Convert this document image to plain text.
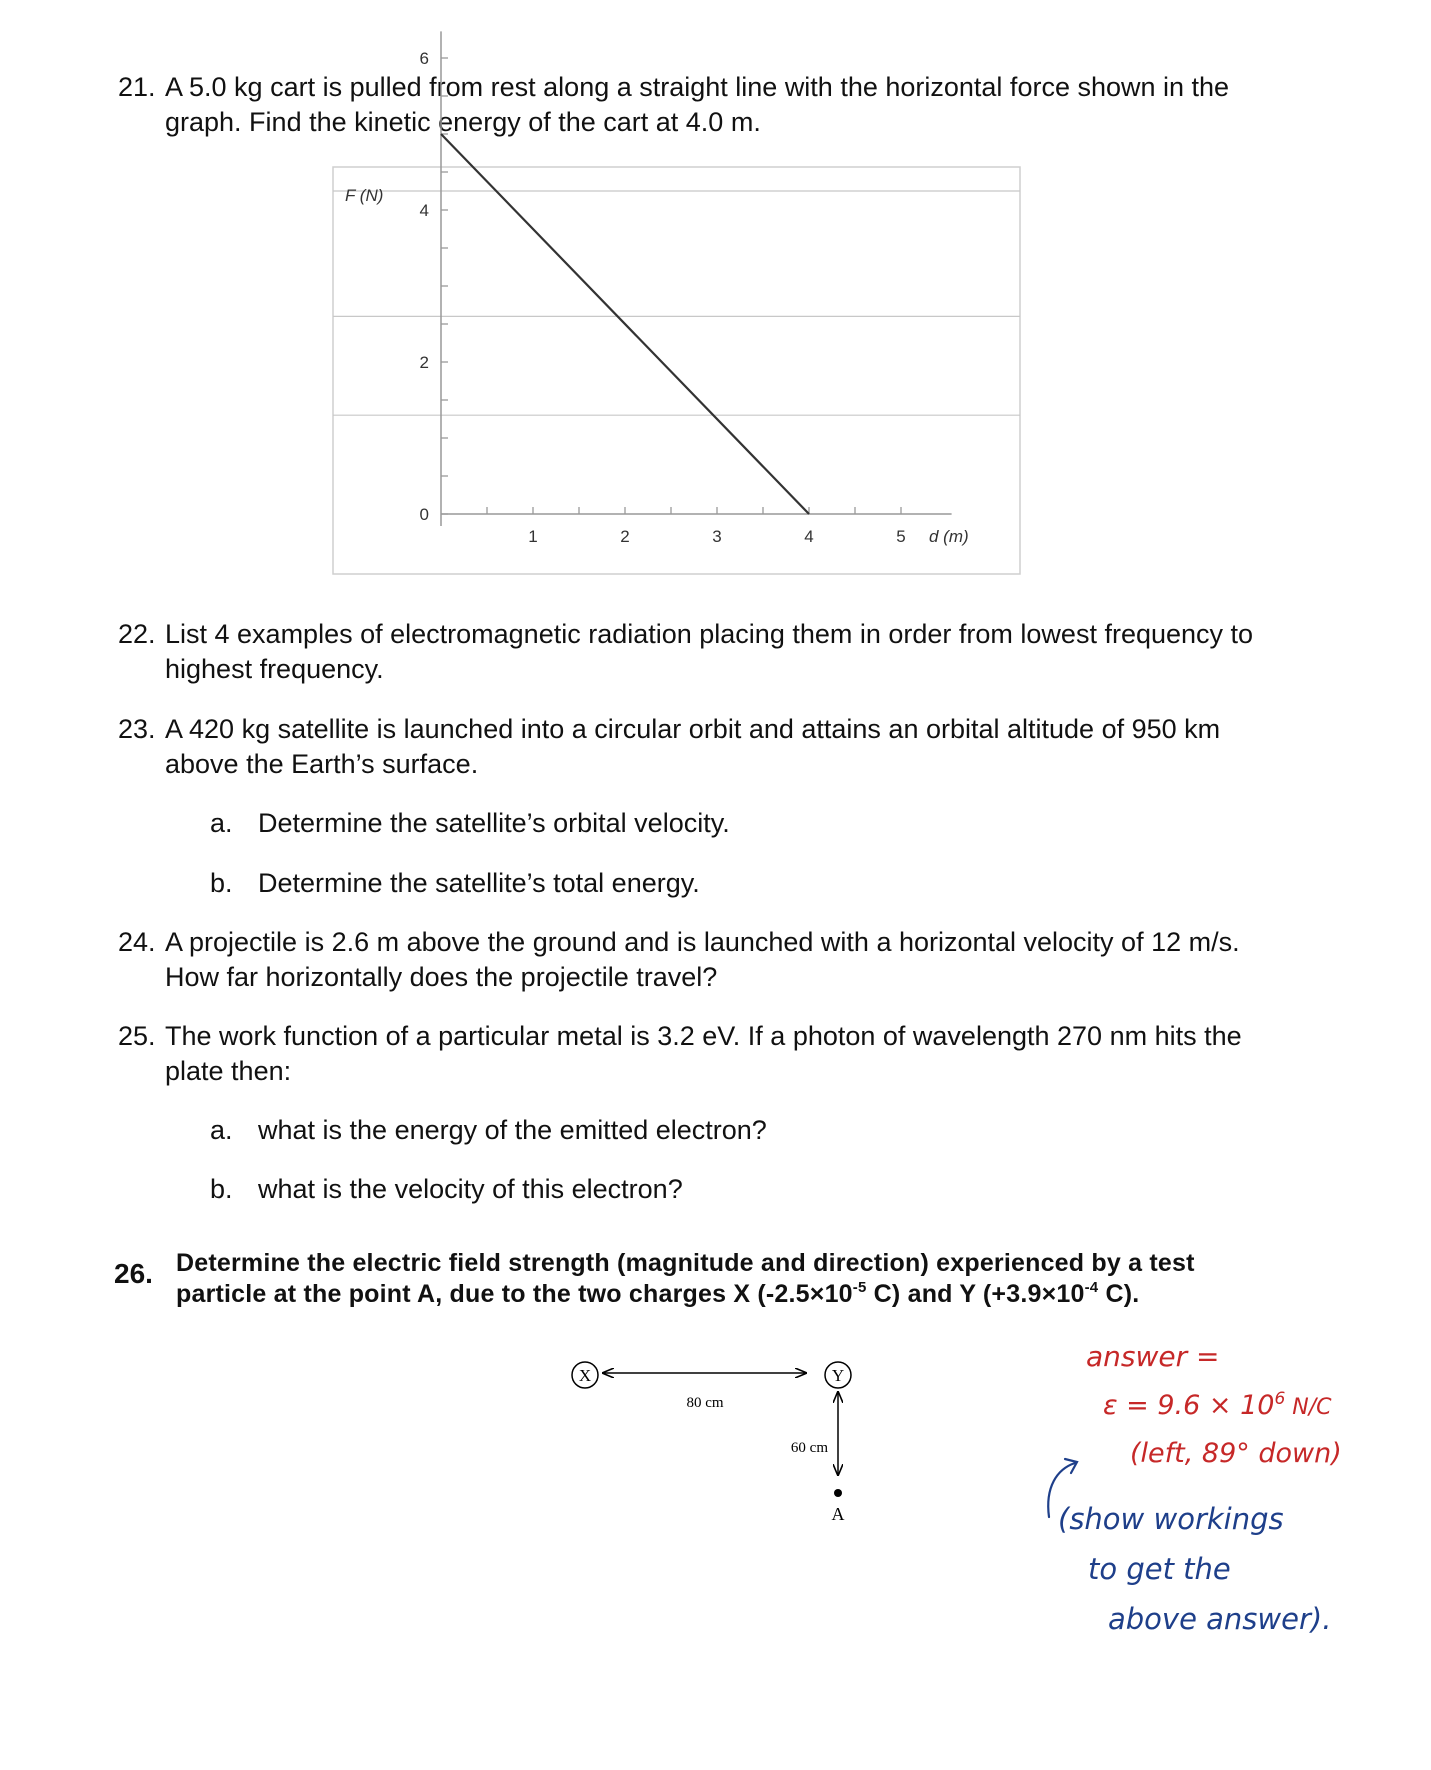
21. A 5.0 kg cart is pulled from rest along a straight line with the horizontal force shown in the graph. Find the kinetic energy of the cart at 4.0 m.
0
2
4
6
1	2	3	4	5
F (N)
d (m)
22. List 4 examples of electromagnetic radiation placing them in order from lowest frequency to highest frequency.
23. A 420 kg satellite is launched into a circular orbit and attains an orbital altitude of 950 km above the Earth’s surface.
a. Determine the satellite’s orbital velocity.
b. Determine the satellite’s total energy.
24. A projectile is 2.6 m above the ground and is launched with a horizontal velocity of 12 m/s. How far horizontally does the projectile travel?
25. The work function of a particular metal is 3.2 eV. If a photon of wavelength 270 nm hits the plate then:
a. what is the energy of the emitted electron?
b. what is the velocity of this electron?
26. Determine the electric field strength (magnitude and direction) experienced by a test
particle at the point A, due to the two charges X ($-2.5\times 10^{-5}$ C) and Y ($+3.9\times 10^{-4}$ C).
X	Y
80 cm
60 cm
A
answer =
$\varepsilon = 9.6 \times 10^6$ N/C
(left, 89° down)
(show workings
to get the
above answer).
